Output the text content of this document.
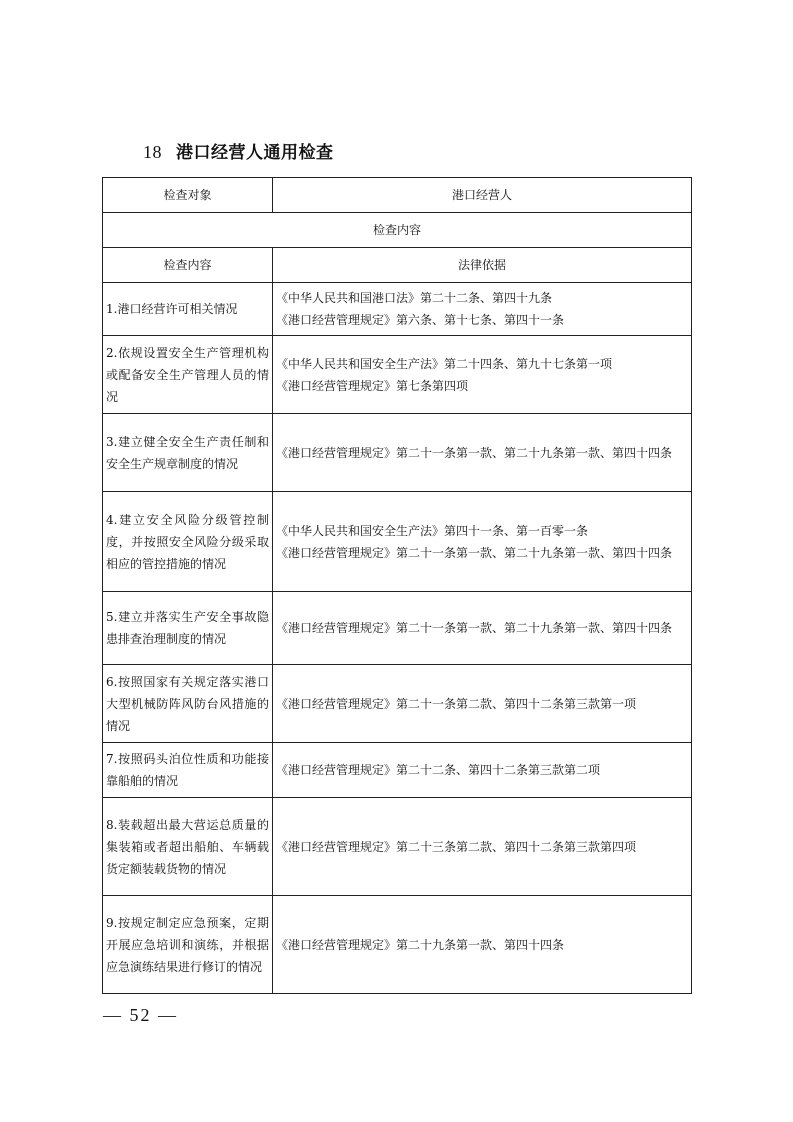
18 港口经营人通用检查
检查对象	港口经营人
检查内容	
检查内容	法律依据
1.港口经营许可相关情况	《中华人民共和国港口法》第二十二条、第四十九条
《港口经营管理规定》第六条、第十七条、第四十一条

2.依规设置安全生产管理机构或配备安全生产管理人员的情况	《中华人民共和国安全生产法》第二十四条、第九十七条第一项
《港口经营管理规定》第七条第四项

3.建立健全安全生产责任制和安全生产规章制度的情况	《港口经营管理规定》第二十一条第一款、第二十九条第一款、第四十四条

4.建立安全风险分级管控制度，并按照安全风险分级采取相应的管控措施的情况	《中华人民共和国安全生产法》第四十一条、第一百零一条
《港口经营管理规定》第二十一条第一款、第二十九条第一款、第四十四条

5.建立并落实生产安全事故隐患排查治理制度的情况	《港口经营管理规定》第二十一条第一款、第二十九条第一款、第四十四条

6.按照国家有关规定落实港口大型机械防阵风防台风措施的情况	《港口经营管理规定》第二十一条第二款、第四十二条第三款第一项

7.按照码头泊位性质和功能接靠船舶的情况	《港口经营管理规定》第二十二条、第四十二条第三款第二项

8.装载超出最大营运总质量的集装箱或者超出船舶、车辆载货定额装载货物的情况	《港口经营管理规定》第二十三条第二款、第四十二条第三款第四项

9.按规定制定应急预案，定期开展应急培训和演练，并根据应急演练结果进行修订的情况	《港口经营管理规定》第二十九条第一款、第四十四条
— 52 —
